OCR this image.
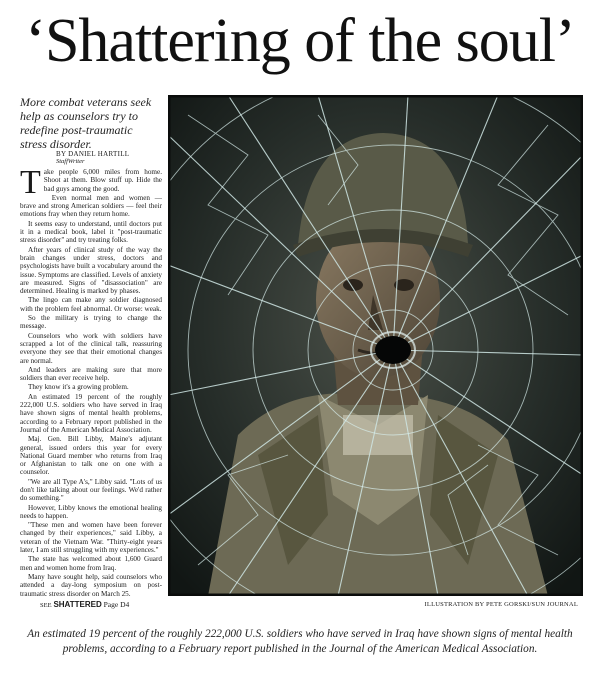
‘Shattering of the soul’
More combat veterans seek help as counselors try to redefine post-traumatic stress disorder.
BY DANIEL HARTILL
StaffWriter

Take people 6,000 miles from home. Shoot at them. Blow stuff up. Hide the bad guys among the good.

Even normal men and women — brave and strong American soldiers — feel their emotions fray when they return home.

It seems easy to understand, until doctors put it in a medical book, label it "post-traumatic stress disorder" and try treating folks.

After years of clinical study of the way the brain changes under stress, doctors and psychologists have built a vocabulary around the issue. Symptoms are classified. Levels of anxiety are measured. Signs of "disassociation" are determined. Healing is marked by phases.

The lingo can make any soldier diagnosed with the problem feel abnormal. Or worse: weak.

So the military is trying to change the message.

Counselors who work with soldiers have scrapped a lot of the clinical talk, reassuring everyone they see that their emotional changes are normal.

And leaders are making sure that more soldiers than ever receive help.

They know it's a growing problem.

An estimated 19 percent of the roughly 222,000 U.S. soldiers who have served in Iraq have shown signs of mental health problems, according to a February report published in the Journal of the American Medical Association.

Maj. Gen. Bill Libby, Maine's adjutant general, issued orders this year for every National Guard member who returns from Iraq or Afghanistan to talk one on one with a counselor.

"We are all Type A's," Libby said. "Lots of us don't like talking about our feelings. We'd rather do something."

However, Libby knows the emotional healing needs to happen.

"These men and women have been forever changed by their experiences," said Libby, a veteran of the Vietnam War. "Thirty-eight years later, I am still struggling with my experiences."

The state has welcomed about 1,600 Guard men and women home from Iraq.

Many have sought help, said counselors who attended a day-long symposium on post-traumatic stress disorder on March 25.

SEE SHATTERED Page D4	ILLUSTRATION BY PETE GORSKI/SUN JOURNAL
An estimated 19 percent of the roughly 222,000 U.S. soldiers who have served in Iraq have shown signs of mental health problems, according to a February report published in the Journal of the American Medical Association.
